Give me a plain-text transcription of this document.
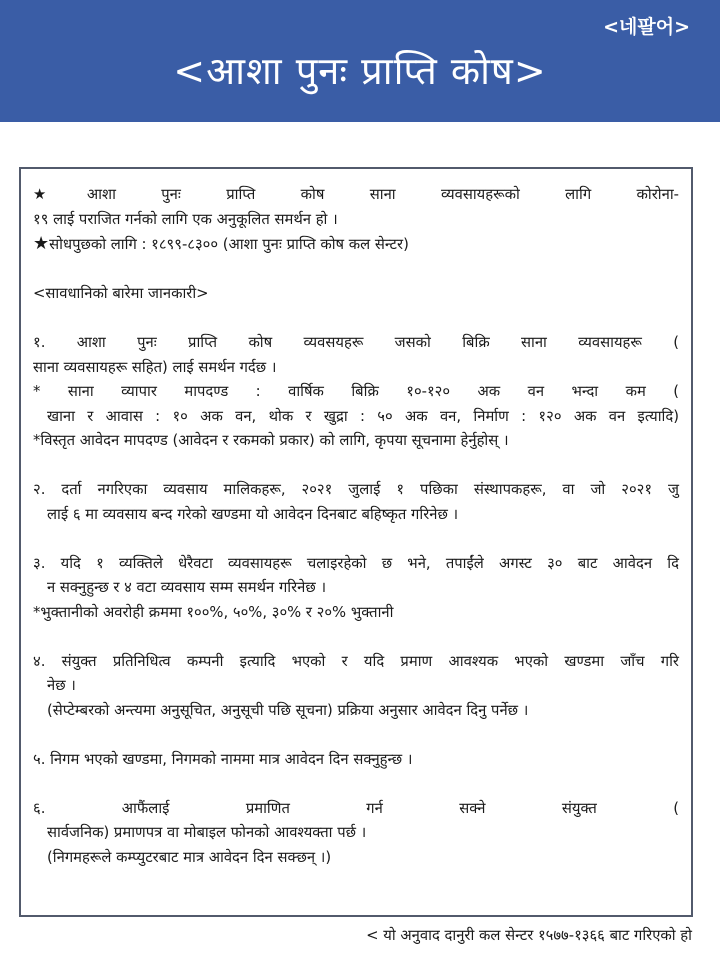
<네팔어>
<आशा पुनः प्राप्ति कोष>

★आशा पुनः प्राप्ति कोष साना व्यवसायहरूको लागि कोरोना-

१९ लाई पराजित गर्नको लागि एक अनुकूलित समर्थन हो ।

★सोधपुछको लागि : १८९९-८३०० (आशा पुनः प्राप्ति कोष कल सेन्टर)

<सावधानिको बारेमा जानकारी>

१. आशा पुनः प्राप्ति कोष व्यवसयहरू जसको बिक्रि साना व्यवसायहरू (

साना व्यवसायहरू सहित) लाई समर्थन गर्दछ ।

* साना व्यापार मापदण्ड : वार्षिक बिक्रि १०-१२० अक वन भन्दा कम (

खाना र आवास : १० अक वन, थोक र खुद्रा : ५० अक वन, निर्माण : १२० अक वन इत्यादि)

*विस्तृत आवेदन मापदण्ड (आवेदन र रकमको प्रकार) को लागि, कृपया सूचनामा हेर्नुहोस् ।

२. दर्ता नगरिएका व्यवसाय मालिकहरू, २०२१ जुलाई १ पछिका संस्थापकहरू, वा जो २०२१ जु

लाई ६ मा व्यवसाय बन्द गरेको खण्डमा यो आवेदन दिनबाट बहिष्कृत गरिनेछ ।

३. यदि १ व्यक्तिले धेरैवटा व्यवसायहरू चलाइरहेको छ भने, तपाईंले अगस्ट ३० बाट आवेदन दि

न सक्नुहुन्छ र ४ वटा व्यवसाय सम्म समर्थन गरिनेछ ।

*भुक्तानीको अवरोही क्रममा १००%, ५०%, ३०% र २०% भुक्तानी

४. संयुक्त प्रतिनिधित्व कम्पनी इत्यादि भएको र यदि प्रमाण आवश्यक भएको खण्डमा जाँच गरि

नेछ ।

(सेप्टेम्बरको अन्त्यमा अनुसूचित, अनुसूची पछि सूचना) प्रक्रिया अनुसार आवेदन दिनु पर्नेछ ।

५. निगम भएको खण्डमा, निगमको नाममा मात्र आवेदन दिन सक्नुहुन्छ ।

६. आफैंलाई प्रमाणित गर्न सक्ने संयुक्त (

सार्वजनिक) प्रमाणपत्र वा मोबाइल फोनको आवश्यक्ता पर्छ ।

(निगमहरूले कम्प्युटरबाट मात्र आवेदन दिन सक्छन् ।)

< यो अनुवाद दानुरी कल सेन्टर १५७७-१३६६ बाट गरिएको हो
